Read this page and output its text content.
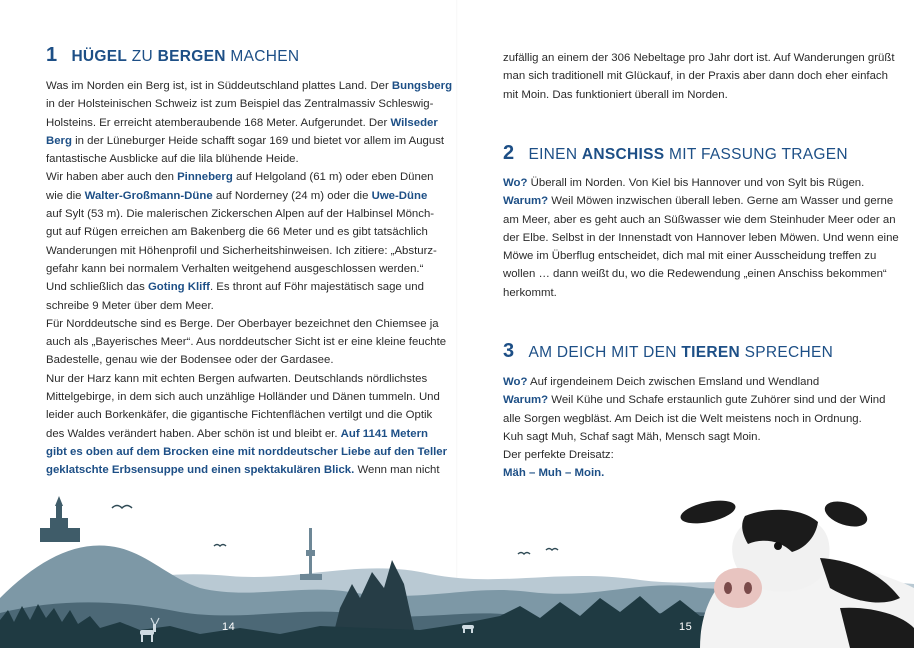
1 HÜGEL ZU BERGEN MACHEN
Was im Norden ein Berg ist, ist in Süddeutschland plattes Land. Der Bungsberg
in der Holsteinischen Schweiz ist zum Beispiel das Zentralmassiv Schleswig-
Holsteins. Er erreicht atemberaubende 168 Meter. Aufgerundet. Der Wilseder
Berg in der Lüneburger Heide schafft sogar 169 und bietet vor allem im August
fantastische Ausblicke auf die lila blühende Heide.
Wir haben aber auch den Pinneberg auf Helgoland (61 m) oder eben Dünen
wie die Walter-Großmann-Düne auf Norderney (24 m) oder die Uwe-Düne
auf Sylt (53 m). Die malerischen Zickerschen Alpen auf der Halbinsel Mönch-
gut auf Rügen erreichen am Bakenberg die 66 Meter und es gibt tatsächlich
Wanderungen mit Höhenprofil und Sicherheitshinweisen. Ich zitiere: „Absturz-
gefahr kann bei normalem Verhalten weitgehend ausgeschlossen werden.“
Und schließlich das Goting Kliff. Es thront auf Föhr majestätisch sage und
schreibe 9 Meter über dem Meer.
Für Norddeutsche sind es Berge. Der Oberbayer bezeichnet den Chiemsee ja
auch als „Bayerisches Meer“. Aus norddeutscher Sicht ist er eine kleine feuchte
Badestelle, genau wie der Bodensee oder der Gardasee.
Nur der Harz kann mit echten Bergen aufwarten. Deutschlands nördlichstes
Mittelgebirge, in dem sich auch unzählige Holländer und Dänen tummeln. Und
leider auch Borkenkäfer, die gigantische Fichtenflächen vertilgt und die Optik
des Waldes verändert haben. Aber schön ist und bleibt er. Auf 1141 Metern
gibt es oben auf dem Brocken eine mit norddeutscher Liebe auf den Teller
geklatschte Erbsensuppe und einen spektakulären Blick. Wenn man nicht
zufällig an einem der 306 Nebeltage pro Jahr dort ist. Auf Wanderungen grüßt
man sich traditionell mit Glückauf, in der Praxis aber dann doch eher einfach
mit Moin. Das funktioniert überall im Norden.
2 EINEN ANSCHISS MIT FASSUNG TRAGEN
Wo? Überall im Norden. Von Kiel bis Hannover und von Sylt bis Rügen.
Warum? Weil Möwen inzwischen überall leben. Gerne am Wasser und gerne
am Meer, aber es geht auch an Süßwasser wie dem Steinhuder Meer oder an
der Elbe. Selbst in der Innenstadt von Hannover leben Möwen. Und wenn eine
Möwe im Überflug entscheidet, dich mal mit einer Ausscheidung treffen zu
wollen … dann weißt du, wo die Redewendung „einen Anschiss bekommen“
herkommt.
3 AM DEICH MIT DEN TIEREN SPRECHEN
Wo? Auf irgendeinem Deich zwischen Emsland und Wendland
Warum? Weil Kühe und Schafe erstaunlich gute Zuhörer sind und der Wind
alle Sorgen wegbläst. Am Deich ist die Welt meistens noch in Ordnung.
Kuh sagt Muh, Schaf sagt Mäh, Mensch sagt Moin.
Der perfekte Dreisatz:
Mäh – Muh – Moin.
14	15
